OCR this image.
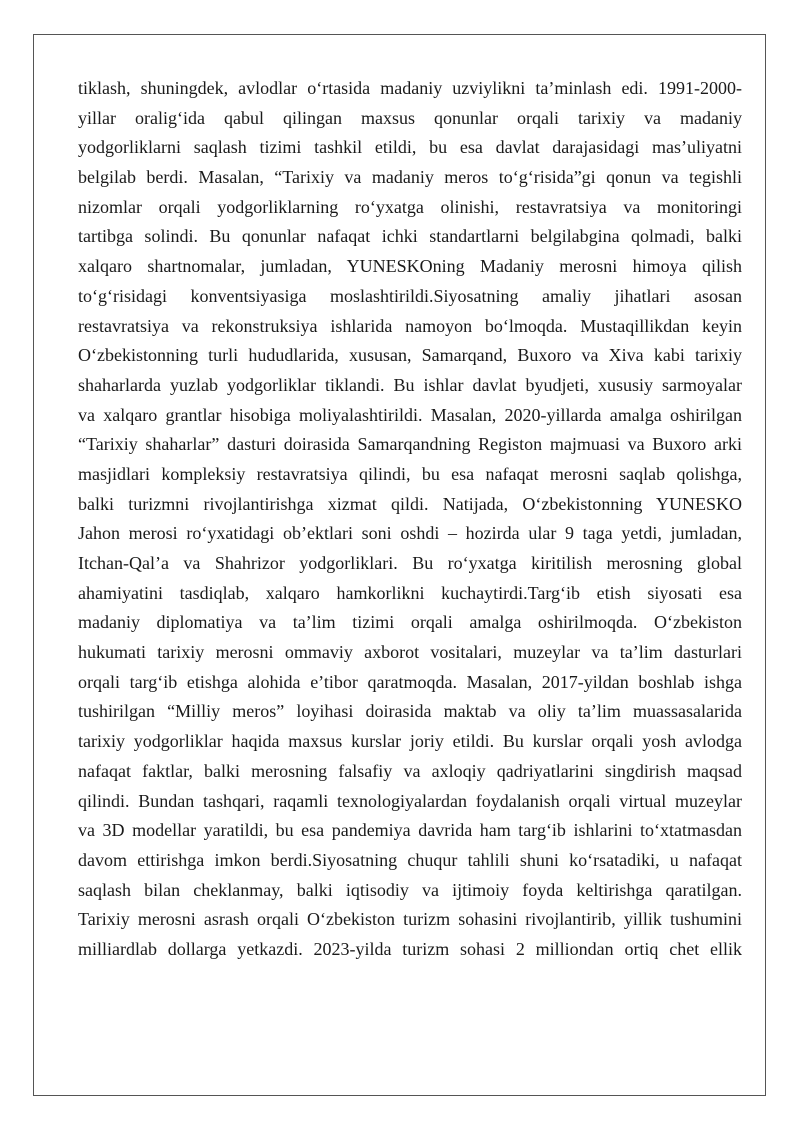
tiklash, shuningdek, avlodlar o‘rtasida madaniy uzviylikni ta’minlash edi. 1991-2000-
yillar oralig‘ida qabul qilingan maxsus qonunlar orqali tarixiy va madaniy
yodgorliklarni saqlash tizimi tashkil etildi, bu esa davlat darajasidagi mas’uliyatni
belgilab berdi. Masalan, “Tarixiy va madaniy meros to‘g‘risida”gi qonun va tegishli
nizomlar orqali yodgorliklarning ro‘yxatga olinishi, restavratsiya va monitoringi
tartibga solindi. Bu qonunlar nafaqat ichki standartlarni belgilabgina qolmadi, balki
xalqaro shartnomalar, jumladan, YUNESKOning Madaniy merosni himoya qilish
to‘g‘risidagi konventsiyasiga moslashtirildi.Siyosatning amaliy jihatlari asosan
restavratsiya va rekonstruksiya ishlarida namoyon bo‘lmoqda. Mustaqillikdan keyin
O‘zbekistonning turli hududlarida, xususan, Samarqand, Buxoro va Xiva kabi tarixiy
shaharlarda yuzlab yodgorliklar tiklandi. Bu ishlar davlat byudjeti, xususiy sarmoyalar
va xalqaro grantlar hisobiga moliyalashtirildi. Masalan, 2020-yillarda amalga oshirilgan
“Tarixiy shaharlar” dasturi doirasida Samarqandning Registon majmuasi va Buxoro arki
masjidlari kompleksiy restavratsiya qilindi, bu esa nafaqat merosni saqlab qolishga,
balki turizmni rivojlantirishga xizmat qildi. Natijada, O‘zbekistonning YUNESKO
Jahon merosi ro‘yxatidagi ob’ektlari soni oshdi – hozirda ular 9 taga yetdi, jumladan,
Itchan-Qal’a va Shahrizor yodgorliklari. Bu ro‘yxatga kiritilish merosning global
ahamiyatini tasdiqlab, xalqaro hamkorlikni kuchaytirdi.Targ‘ib etish siyosati esa
madaniy diplomatiya va ta’lim tizimi orqali amalga oshirilmoqda. O‘zbekiston
hukumati tarixiy merosni ommaviy axborot vositalari, muzeylar va ta’lim dasturlari
orqali targ‘ib etishga alohida e’tibor qaratmoqda. Masalan, 2017-yildan boshlab ishga
tushirilgan “Milliy meros” loyihasi doirasida maktab va oliy ta’lim muassasalarida
tarixiy yodgorliklar haqida maxsus kurslar joriy etildi. Bu kurslar orqali yosh avlodga
nafaqat faktlar, balki merosning falsafiy va axloqiy qadriyatlarini singdirish maqsad
qilindi. Bundan tashqari, raqamli texnologiyalardan foydalanish orqali virtual muzeylar
va 3D modellar yaratildi, bu esa pandemiya davrida ham targ‘ib ishlarini to‘xtatmasdan
davom ettirishga imkon berdi.Siyosatning chuqur tahlili shuni ko‘rsatadiki, u nafaqat
saqlash bilan cheklanmay, balki iqtisodiy va ijtimoiy foyda keltirishga qaratilgan.
Tarixiy merosni asrash orqali O‘zbekiston turizm sohasini rivojlantirib, yillik tushumini
milliardlab dollarga yetkazdi. 2023-yilda turizm sohasi 2 milliondan ortiq chet ellik
